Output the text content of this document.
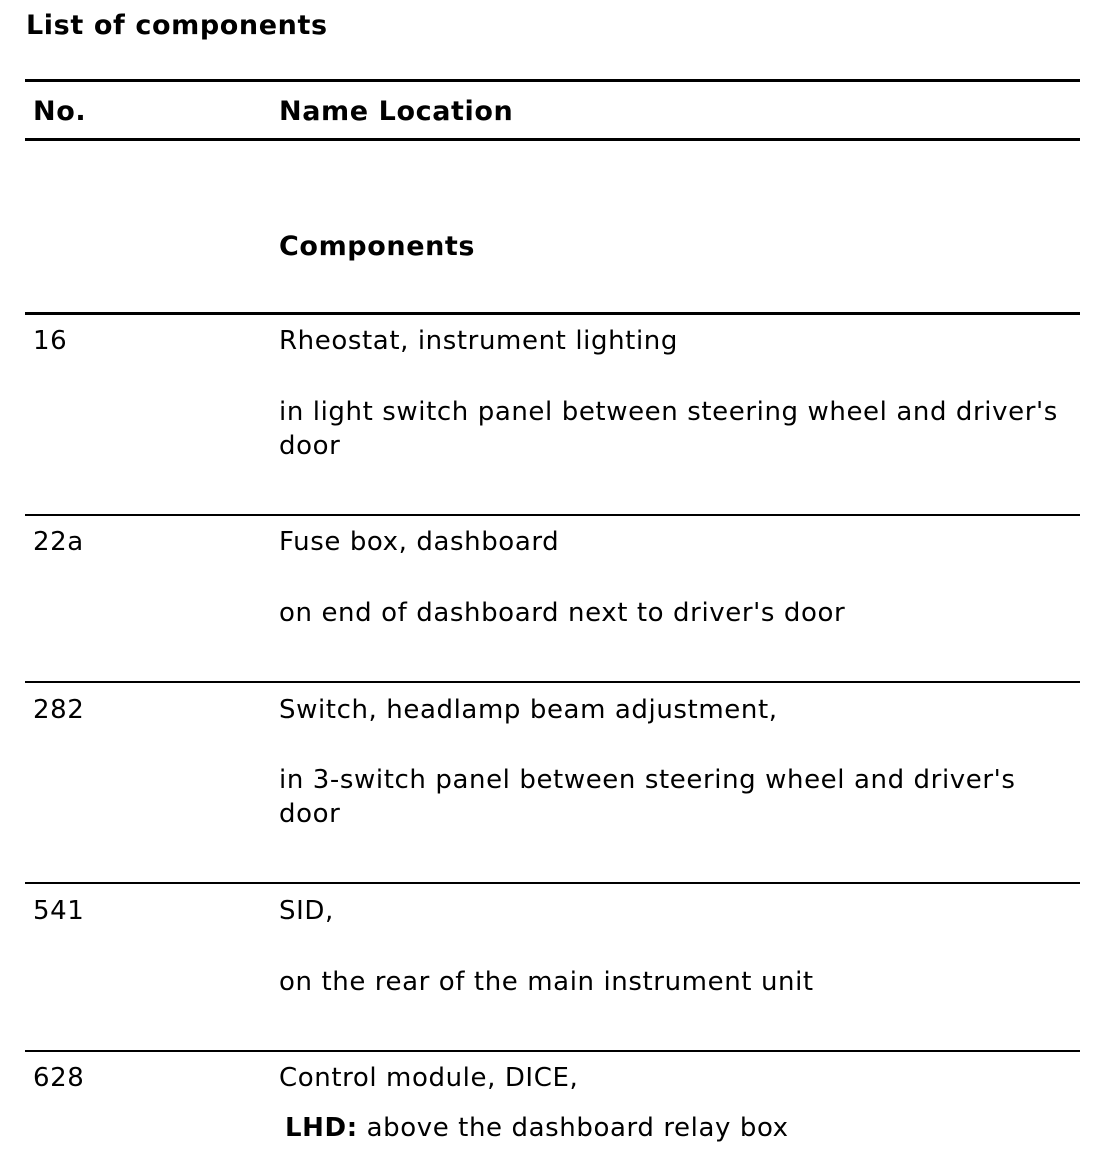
List of components
No.	Name Location
Components
16	Rheostat, instrument lighting
in light switch panel between steering wheel and driver's door
22a	Fuse box, dashboard
on end of dashboard next to driver's door
282	Switch, headlamp beam adjustment,
in 3-switch panel between steering wheel and driver's door
541	SID,
on the rear of the main instrument unit
628	Control module, DICE,
LHD: above the dashboard relay box
